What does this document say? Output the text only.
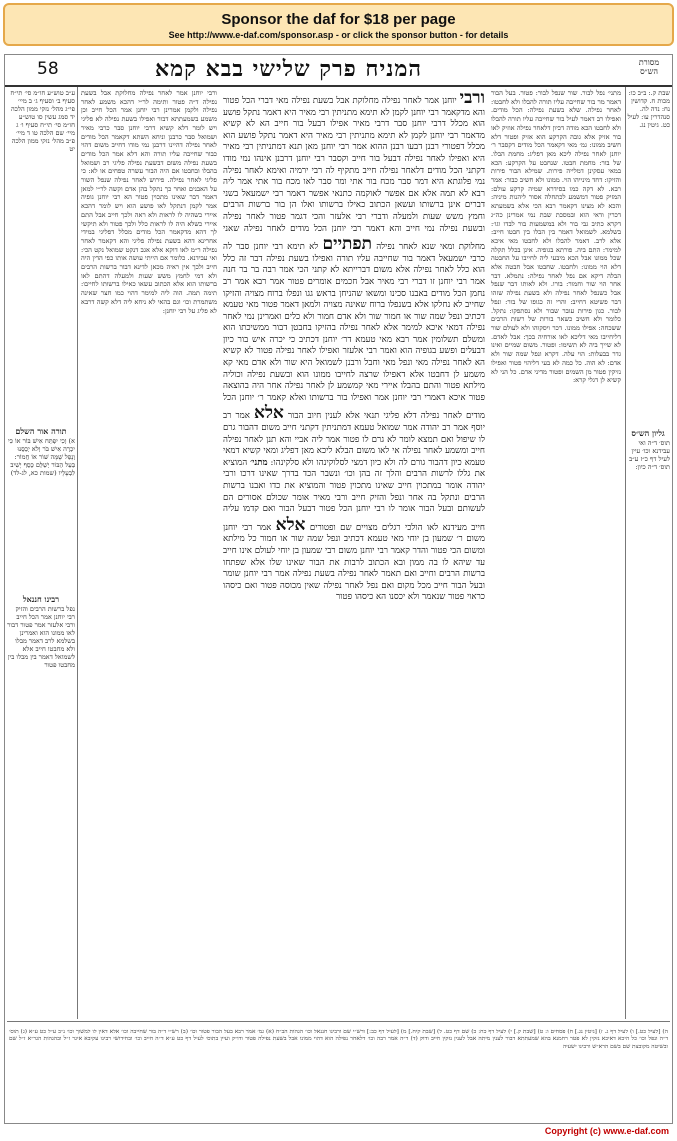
Sponsor the daf for $18 per page
See http://www.e-daf.com/sponsor.asp - or click the sponsor button - for details
58	המניח פרק שלישי בבא קמא	מסורת הש״ס
ע״ב טוש״ע חו״מ סי׳ תי״ח סעיף ב׳ וסעיף ג׳ ב מיי׳ פי״ג מהל׳ נזקי ממון הלכה יד סמג עשין סו טוש״ע חו״מ סי׳ תי״ח סעיף ו׳ ג מיי׳ שם הלכה טו ד מיי׳ פ״ב מהל׳ נזקי ממון הלכה יט
תורה אור השלם
א) וְכִי יִפְתַּח אִישׁ בּוֹר אוֹ כִּי יִכְרֶה אִישׁ בֹּר וְלֹא יְכַסֶּנּוּ וְנָפַל שָׁמָּה שּׁוֹר אוֹ חֲמוֹר: בַּעַל הַבּוֹר יְשַׁלֵּם כֶּסֶף יָשִׁיב לִבְעָלָיו (שמות כא, לג-לד)
רבינו חננאל
נפל ברשות הרבים והזיק רבי יוחנן אמר הכל חייב ורבי אלעזר אמר פטור דבור לאו ממונו הוא ואמרינן בשלמא לרב דאמר מבלו ולא מחבטו חייב אלא לשמואל דאמר בין מבלו בין מחבטו פטור
שבת ק.: ב״ב כו: מכות ח. קדושין נח: נדה לה. סנהדרין עו: לעיל כט. גיטין נג.
גליון הש״ס
תוס׳ ד״ה ואי עבידנא וכו׳ עיין לעיל דף כ״ז ע״ב תוס׳ ד״ה כיון:
ורבי יוחנן אמר לאחר נפילה מחלוקת אבל בשעת נפילה ד״ה פטור ותימה לר״י דהכא משמע לאחר נפילה ולקמן אמרינן רבי יוחנן אמר הכל חייב וכן משמע בשמעתתא דבור ואפילו בשעת נפילה לא פליגי ויש לומר דלא קשיא דרבי יוחנן סבר כרבי מאיר ושמואל סבר כרבנן וניחא השתא דקאמר הכל מודים לאחר נפילה דהיינו דרבנן נמי מודו דחייב משום דהוי כבור שחייבה עליו תורה והא דלא אמר הכל מודים בשעת נפילה משום דבשעת נפילה פליגי רב ושמואל בהבלו ובחבטו אם היה הבור עשרה טפחים או לא: כי פליגי לאחר נפילה. פירוש לאחר נפילה שנפל השור על האבנים ואחר כך נתקל בהן אדם וקשה לר״י למאן דאמר דבר שאינו מתכוין פטור הא רבי יוחנן גופיה אמר לקמן דנתקל לאו פושע הוא ויש לומר דהכא איירי כשהיה לו לראות ולא ראה ולכך חייב אבל התם איירי כשלא היה לו לראות כלל ולכך פטור ולא תיקשי לך דהא מדקאמר הכל מודים מכלל דפליגי במידי אחרינא דהא בשעת נפילה פליגי והא דקאמר לאחר נפילה ר״מ לאו דוקא אלא אגב דנקט שמואל נקט הכי: ואי עבידנא. כלומר אם הייתי עושה אותו כפי הדין היה חייב ולכך אין ראיה מכאן לדינא דבור ברשות הרבים ולא דמי לחמץ משש שעות ולמעלה דהתם לאו ברשותו הוא אלא הכתוב עשאו כאילו ברשותו לחייבו: תימה תמה. הוה ליה למימר דהוי כמו חצר שאינה משתמרת וכו׳ וגם בהאי לא ניחא ליה דלא קשה דרבא לא פליג על רבי יוחנן:
מתני׳ נפל לבור. שור שנפל לבור: פטור. בעל הבור דאמר מר בור שחייבה עליו תורה להבלו ולא לחבטו: לאחר נפילה. שלא בשעת נפילה: הכל מודים. ואפילו רב דאמר לעיל בור שחייבה עליו תורה להבלו ולא לחבטו הכא מודה דכיון דלאחר נפילה אוזיק לאו בור אזיק אלא גובה הקרקע הוא אזיק ופטור דלא חשיב ממונו: גמ׳ מאי דקאמר הכל מודים דקסבר ר׳ יוחנן לאחר נפילה ליכא מאן דפליג: מחמת הבלו. של בור: מחמת חבטו. שנחבט על הקרקע: הכא במאי עסקינן דמלייה פירות. שמילא הבור פירות והזיקו: דחד מינייהו הוי. ממונו ולא חשיב כבור: אמר רבא. לא דקה כמו בסידרא שמיה קרקע עולם: המזיק פטור דמשמע לכתחלה אסור ליהנות מיניה: והכא לא מצינו דקאמר רבא הכי אלא בשמעתא דכרין ודאי הוא ובמסכת שבת נמי אמרינן כה״ג דקרא כתיב גבי בור ולא במשמעות בור לבדו וגו׳: בשלמא. לשמואל דאמר בין הבלו בין חבטו חייב: אלא לרב. דאמר להבלו ולא לחבטו מאי איכא למימר: התם ביה. פורתא בגופיה. אינן בכלל תקלה שכל ממונו אבל הכא מיבעי ליה לחייבו על החבטה דלא הוי ממונו: ולחבטו. שחבטו אבל חבטה אלא הבלה דיקא אם נפל לאחר נפילה: נתמלא. דבר אחר הוי שור וחמור: בורו. ולא לאותו דבר שנפל אבל כשנפל לאחר נפילה ולא בשעת נפילה שזהו דבר פשיטא דחייב: והרי זה כגופו של בור: ונפל לבור. כגון פירות עובר שבור ולא נסתפקו: נתקל. כלומר ולא חשיב כשאר בורות של רשות הרבים ששכחה: אפילו ממונו. דכר ויסקוהו ולא לעולם שור דליחייבו מאי דליכא לאו אורחיה בכך: אבל לאדם. לא שייך ביה לא תשימו: ופטור. משום שמיים ואינו גדר בבעלות: הוי עלה. דקרא ונפל שמה שור ולא אדם: לא הוה. כל כמה לא בעי דליהוי פטור ואפילו נזיקין פטור מן השמים ופטור מדיני אדם. כל הני לא קשיא לן דגלי קרא:
ורבי יוחנן אמר לאחר נפילה מחלוקת אבל בשעת נפילה מאי דברי הכל פטור והא מדקאמר רבי יוחנן לקמן לא תימא מתניתין רבי מאיר היא דאמר נתקל פושע הוא מכלל דרבי יוחנן סבר דרבי מאיר אפילו דבעל בור חייב הא לא קשיא מדאמר רבי יוחנן לקמן לא תימא מתניתין רבי מאיר היא דאמר נתקל פושע הוא מכלל דפטורי רבנן דבעו רבנן ההוא אמר רבי יוחנן מאן תנא דמתניתין רבי מאיר היא ואפילו לאחר נפילה דבעל בור חייב וקסבר רבי יוחנן דרבנן אינהו נמי מודו דקתני הכל מודים דלאחר נפילה חייב מתקיף לה רבי ירמיה ואימא לאחר נפילה נמי פלוגתא היא דמר סבר מכח בור אתי ומר סבר לאו מכח בור אתי אמר ליה רבא לא תמה אלא אם אפשר לאוקמה כתנאי אפשר דאמר רבי ישמעאל בשני דברים אינן ברשותו ועשאן הכתוב כאילו ברשותו ואלו הן בור ברשות הרבים וחמץ משש שעות ולמעלה ודברי רבי אלעזר והכי דגמר פטור לאחר נפילה ובשעת נפילה נמי חייב והא דאמר רבי יוחנן הכל מודים לאחר נפילה שאני מחלוקת ומאי שנא לאחר נפילה תפתיים לא תימא רבי יוחנן סבר לה כרבי ישמעאל דאמר בור שחייבה עליו תורה ואפילו בשעת נפילה דבר זה כלל הוא כלל לאחר נפילה אלא משום דברייתא לא קתני הכי אמר רבה בר בר חנה אמר רבי יוחנן זו דברי רבי מאיר אבל חכמים אומרים פטור אמר רבא אמר רב נחמן הכל מודים באבנו סכינו ומשאו שהניחן בראש גגו ונפלו ברוח מצויה והזיקו שחייב לא נחלקו אלא בשנפלו ברוח שאינה מצויה ולמאן דאמר פטור מאי טעמא דכתיב ונפל שמה שור או חמור שור ולא אדם חמור ולא כלים ואמרינן נמי לאחר נפילה דמאי איכא למימר אלא לאחר נפילה בהזיקו בחבטן דבור ממשיכתו הוא ומשלם תשלומין אמר רבא מאי טעמא דר׳ יוחנן דכתיב כי יכרה איש בור כיון דבעלים ופשע בגופיה הוא ואמר רבי אלעזר ואפילו לאחר נפילה פטור לא קשיא הא לאחר נפילה מאי ונפל מאי וחבל ורבנן לשמואל היא שור ולא אדם מאי קא משמע לן דחבטו אלא דאפילו שרצה לחייבו ממונו הוא ובשעת נפילה וכוליה מילתא פטור והתם בהבלו איירי מאי קמשמע לן לאחר נפילה אחר היה בהוצאה פטור איכא דאמרי רבי יוחנן אמר ואפילו בור ברשותו ואלא קאמר ר׳ יוחנן הכל מודים לאחר נפילה דלא פליגי תנאי אלא לענין חיוב הבור אלא אמר רב יוסף אמר רב יהודה אמר שמואל טעמא דמתניתין דקתני חייב משום דהבור גרם לו שיפול ואם תמצא לומר לא גרם לו פטור אמר ליה אביי והא תנן לאחר נפילה חייב ומשמע לאחר נפילה אי לאו משום הבלא ליכא מאן דפליג ומאי קשיא דמאי טעמא כיון דהבור גורם לה ולא כיון דמצי לסלוקינהו ולא סלקינהו: מתני׳ המוציא את גללו לרשות הרבים והלך זה בהן וכו׳ ונשבר הכד בדרך שאינו דרכו ורבי יהודה אומר במתכוין חייב שאינו מתכוין פטור והמוציא את כדו ואבנו ברשות הרבים ונתקל בה אחר ונפל והזיק חייב ורבי מאיר אומר שכולם אסורים הם לעשותם ובעל הבור אומר לו רבי יוחנן הכל פטור דבעל הבור ואם קדמו עליה חייב מעידנא לאו הולכי רגלים מצויים שם ופטורים אלא אמר רבי יוחנן משום ר׳ שמעון בן יוחי מאי טעמא דכתיב ונפל שמה שור או חמור כל מילתא ומשום הכי פטור והדר קאמר רבי יוחנן משום רבי שמעון בן יוחי לעולם אינו חייב עד שיהא לו בה ממון ובא הכתוב לרבות את הבור שאינו שלו אלא שפתחו ברשות הרבים וחייב ואם תאמר לאחר נפילה בשעת נפילה אמר רבי יוחנן שומר ובעל הבור חייב מכל מקום ואם נפל לאחר נפילה שאין מכוסה פטור ואם כיסהו כראוי פטור שנאמר ולא יכסנו הא כיסהו פטור
ה) [לעיל כט.] ו) לעיל דף ג. ז) [גיטין נג.] ח) פסחים ו: ט) [שבת ק.] י) לעיל דף כח: כ) שם דף כט. ל) [שבת קיח.] מ) [לעיל דף כב:] ורש״י שם ורבינו חננאל וכו׳ הגהות הב״ח (א) גמ׳ אמר רבא בעל הבור פטור וכו׳ (ב) רש״י ד״ה בור שחייבה וכו׳ אלא דאין לו למשוך וכו׳ נ״ב ע״ל כט ע״א (ג) תוס׳ ד״ה ונפל וכו׳ כל היכא דאיכא נזקין לא פטר רחמנא בהא שמעתתא דבור לענין מיתה אבל לענין נזקין חייב ודוק (ד) ד״ה אמר רבה וכו׳ דלאחר נפילה הוא דהוי ממונו אבל בשעת נפילה פטור ודו״ק ועיין בתוס׳ לעיל דף כט ע״א ד״ה חייב וכו׳ ובחידושי רבינו עקיבא איגר ז״ל ובהגהות הגר״א ז״ל שם ובשיטה מקובצת שם בשם הרא״ש ורבינו ישעיה
Copyright (c) www.e-daf.com
